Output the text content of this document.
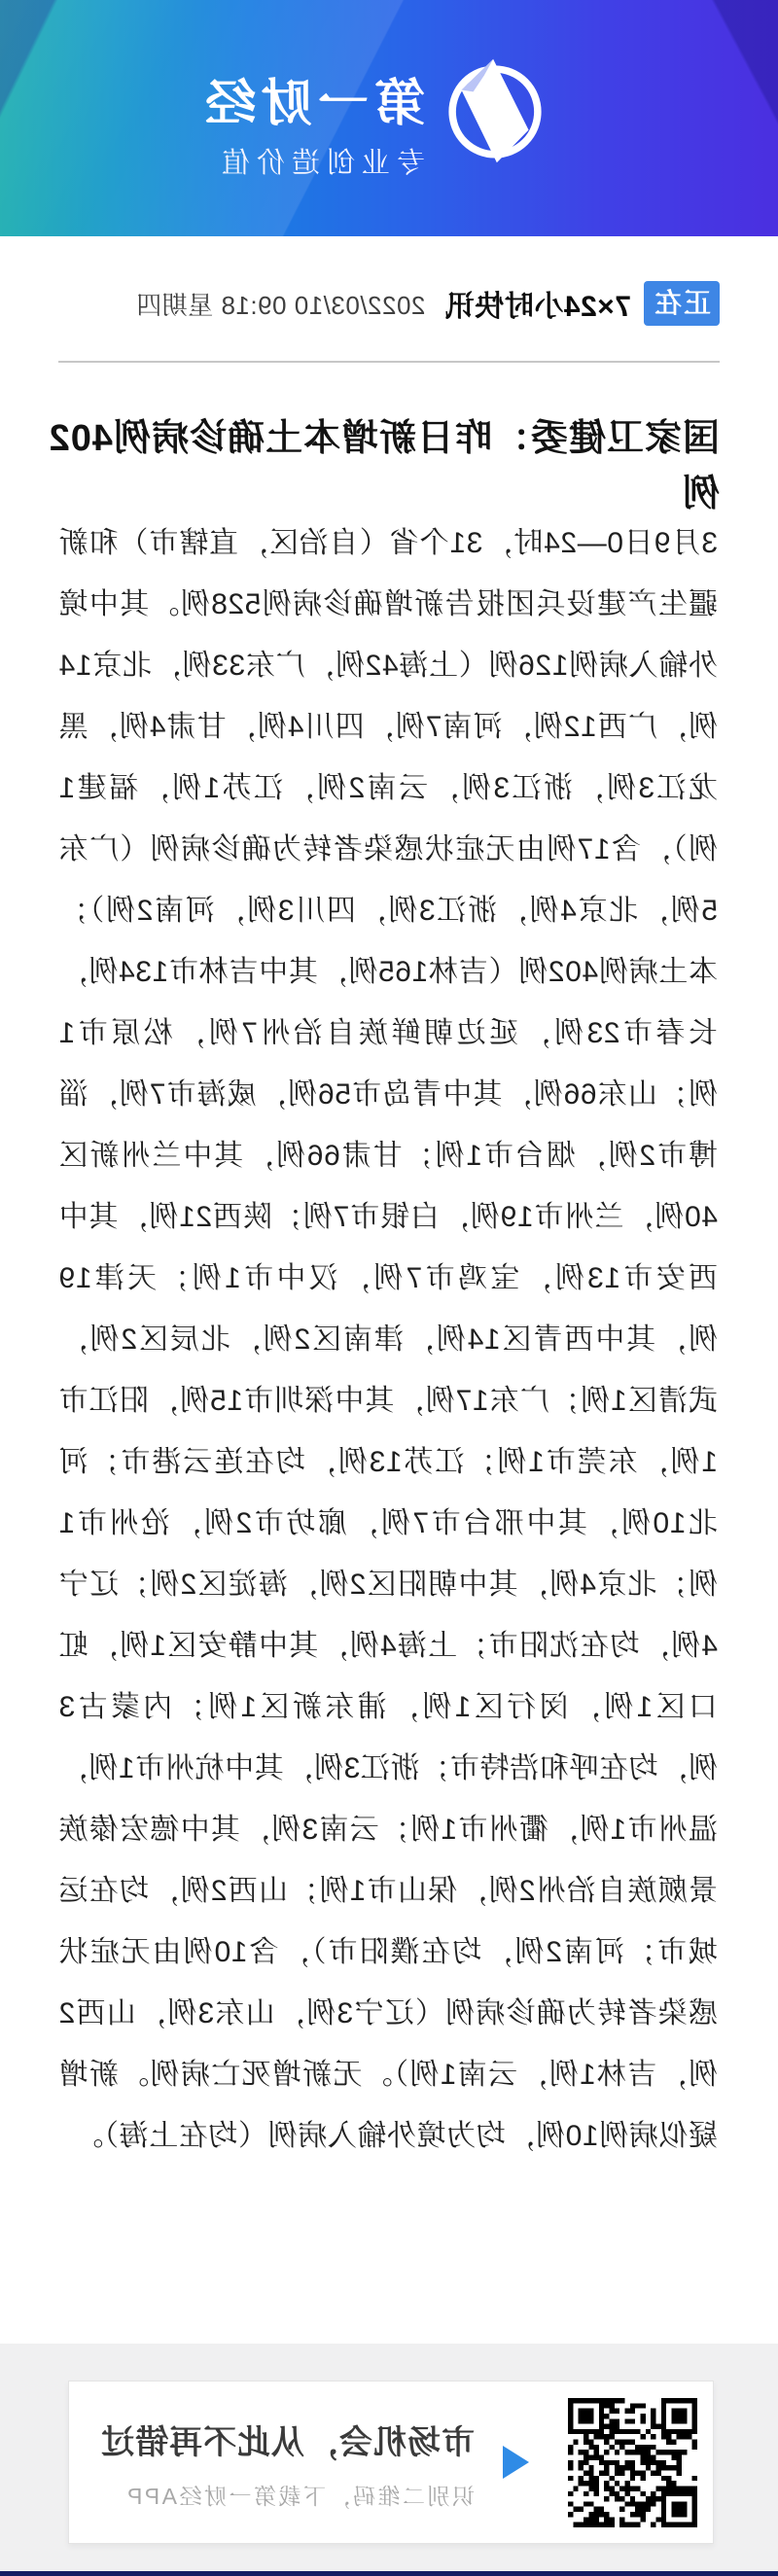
第一财经
专业创造价值
正在
7×24小时快讯
2022/03/10 09:18 星期四
国家卫健委：昨日新增本土确诊病例402例
3月9日0—24时，31个省（自治区，直辖市）和新疆生产建设兵团报告新增确诊病例528例。其中境外输入病例126例（上海42例，广东33例，北京14例，广西12例，河南7例，四川4例，甘肃4例，黑龙江3例，浙江3例，云南2例，江苏1例，福建1例），含17例由无症状感染者转为确诊病例（广东5例，北京4例，浙江3例，四川3例，河南2例）；本土病例402例（吉林165例，其中吉林市134例，长春市23例，延边朝鲜族自治州7例，松原市1例；山东66例，其中青岛市56例，威海市7例，淄博市2例，烟台市1例；甘肃66例，其中兰州新区40例，兰州市19例，白银市7例；陕西21例，其中西安市13例，宝鸡市7例，汉中市1例；天津19例，其中西青区14例，津南区2例，北辰区2例，武清区1例；广东17例，其中深圳市15例，阳江市1例，东莞市1例；江苏13例，均在连云港市；河北10例，其中邢台市7例，廊坊市2例，沧州市1例；北京4例，其中朝阳区2例，海淀区2例；辽宁4例，均在沈阳市；上海4例，其中静安区1例，虹口区1例，闵行区1例，浦东新区1例；内蒙古3例，均在呼和浩特市；浙江3例，其中杭州市1例，温州市1例，衢州市1例；云南3例，其中德宏傣族景颇族自治州2例，保山市1例；山西2例，均在运城市；河南2例，均在濮阳市），含10例由无症状感染者转为确诊病例（辽宁3例，山东3例，山西2例，吉林1例，云南1例）。无新增死亡病例。新增疑似病例10例，均为境外输入病例（均在上海）。
市场机会，从此不再错过
识别二维码，下载第一财经APP
